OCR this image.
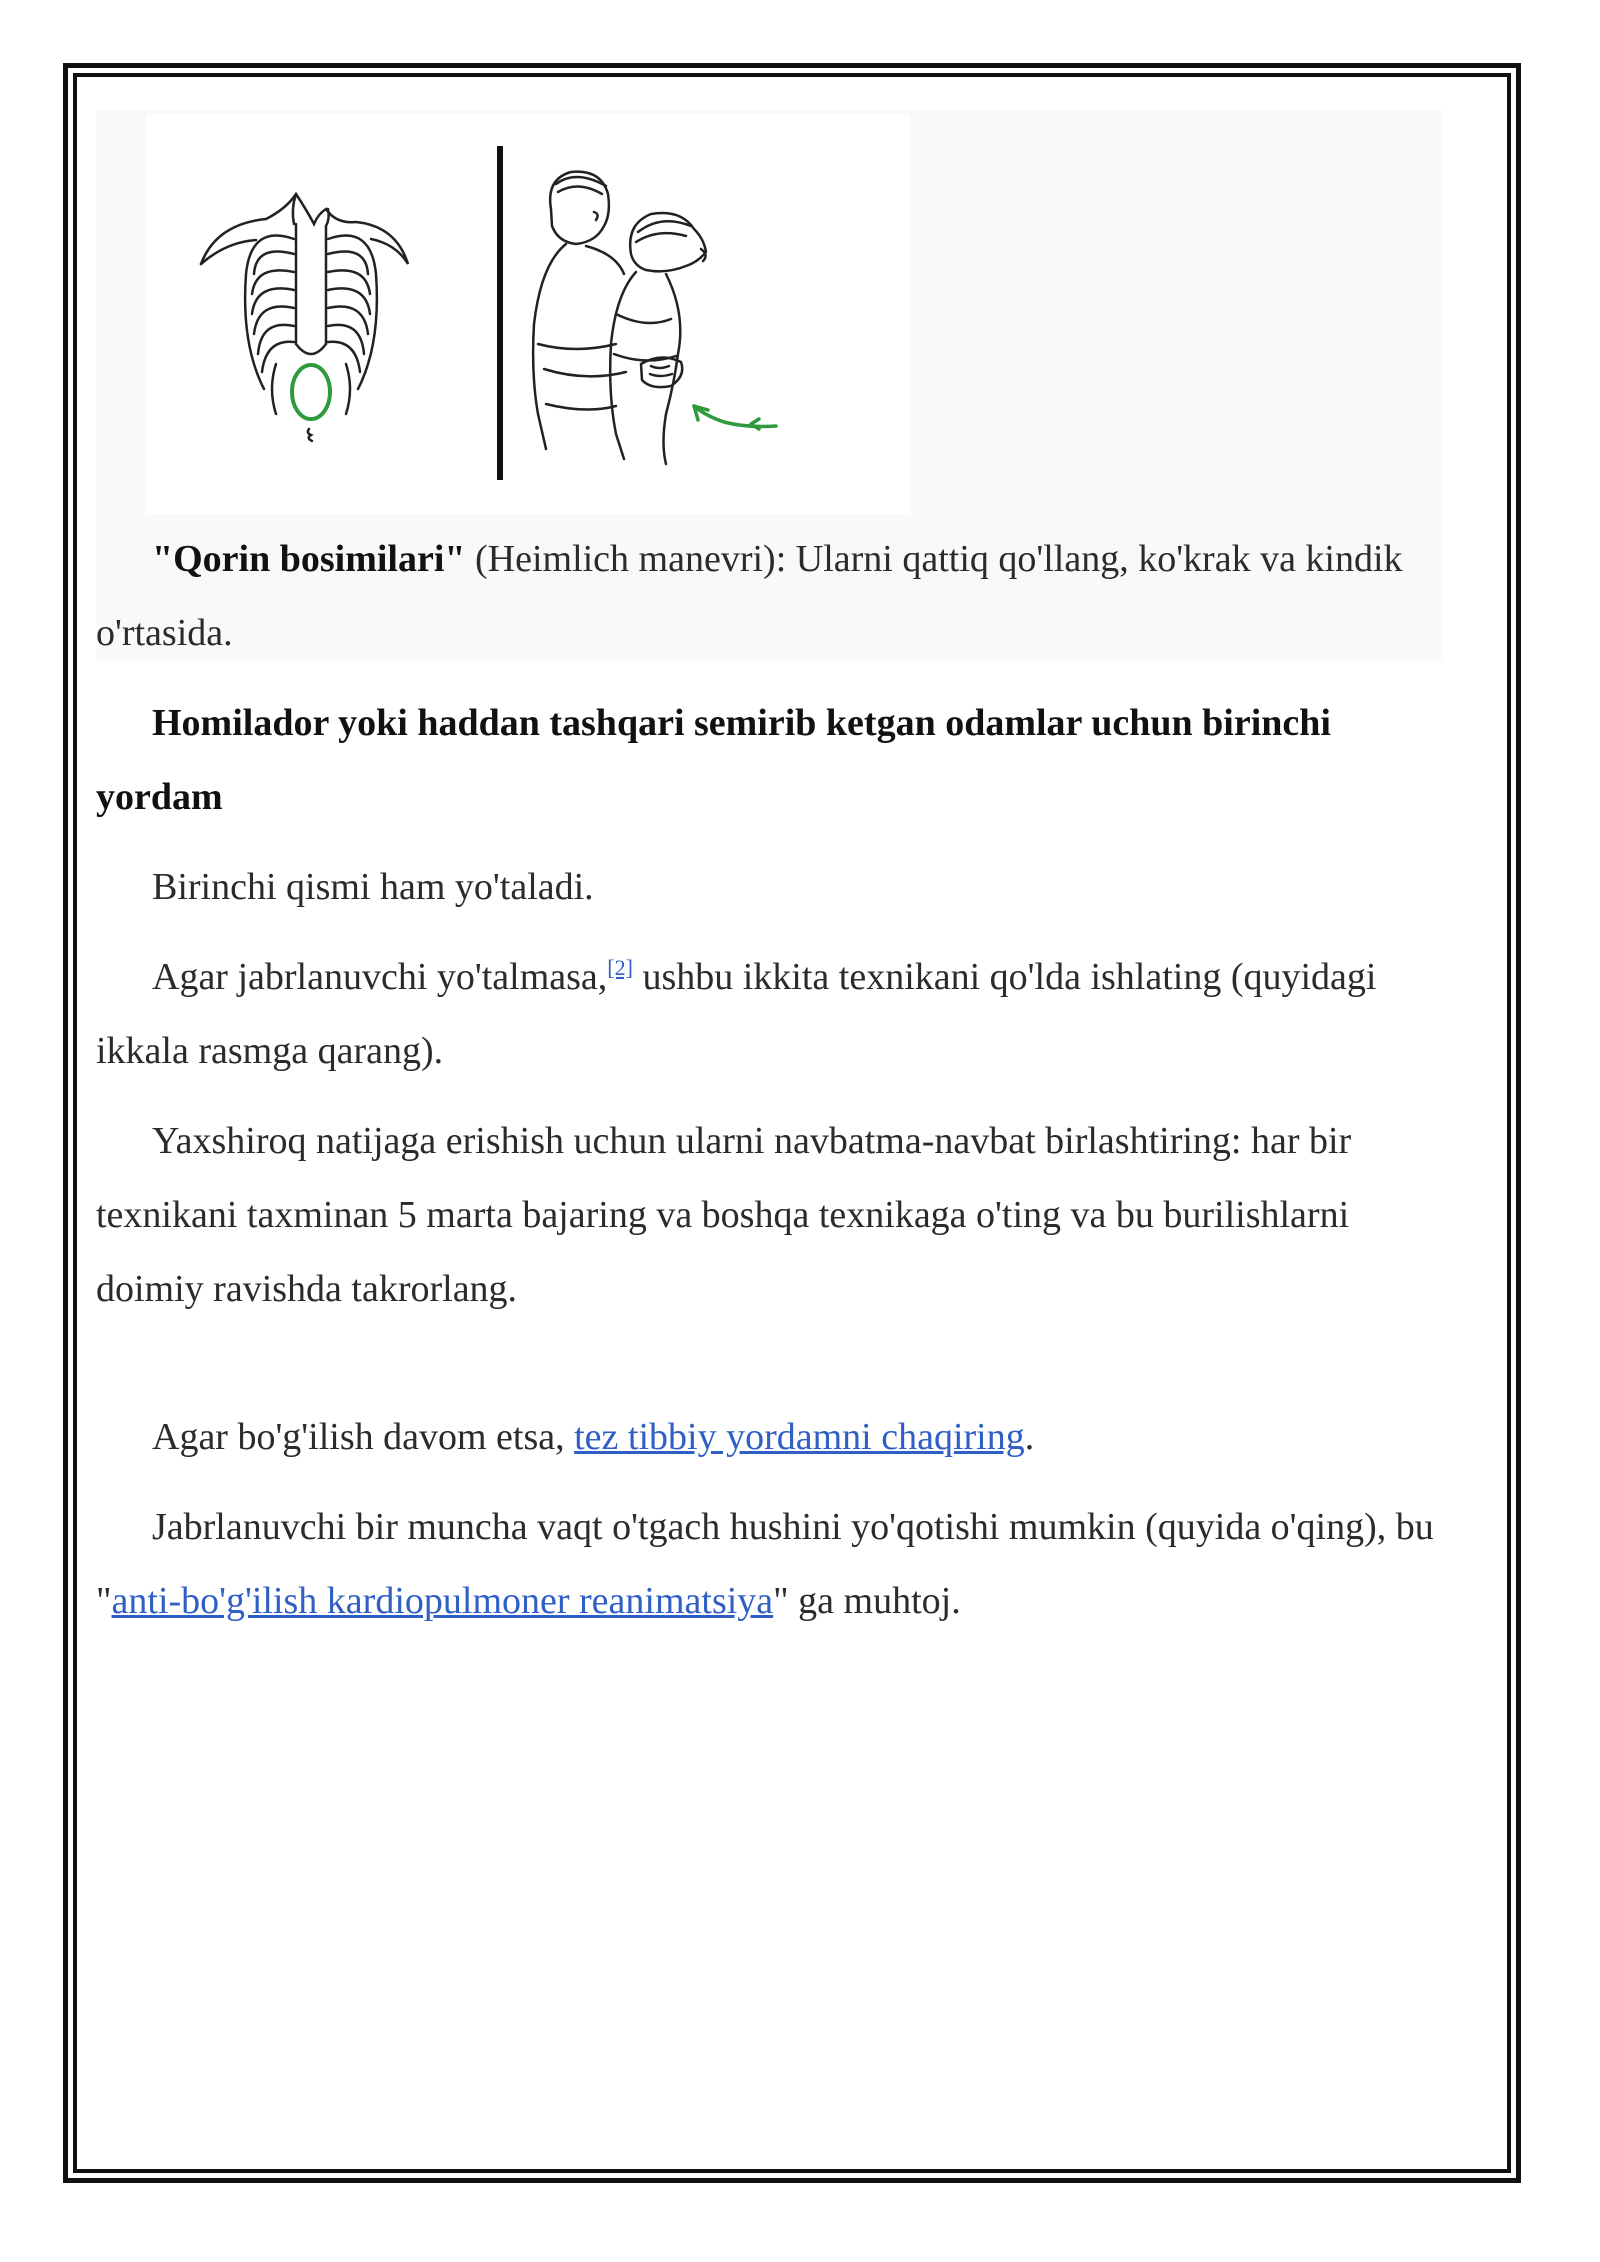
"Qorin bosimilari" (Heimlich manevri): Ularni qattiq qo'llang, ko'krak va kindik o'rtasida.

Homilador yoki haddan tashqari semirib ketgan odamlar uchun birinchi yordam

Birinchi qismi ham yo'taladi.

Agar jabrlanuvchi yo'talmasa,[2] ushbu ikkita texnikani qo'lda ishlating (quyidagi ikkala rasmga qarang).

Yaxshiroq natijaga erishish uchun ularni navbatma-navbat birlashtiring: har bir texnikani taxminan 5 marta bajaring va boshqa texnikaga o'ting va bu burilishlarni doimiy ravishda takrorlang.

Agar bo'g'ilish davom etsa, tez tibbiy yordamni chaqiring.

Jabrlanuvchi bir muncha vaqt o'tgach hushini yo'qotishi mumkin (quyida o'qing), bu "anti-bo'g'ilish kardiopulmoner reanimatsiya" ga muhtoj.
